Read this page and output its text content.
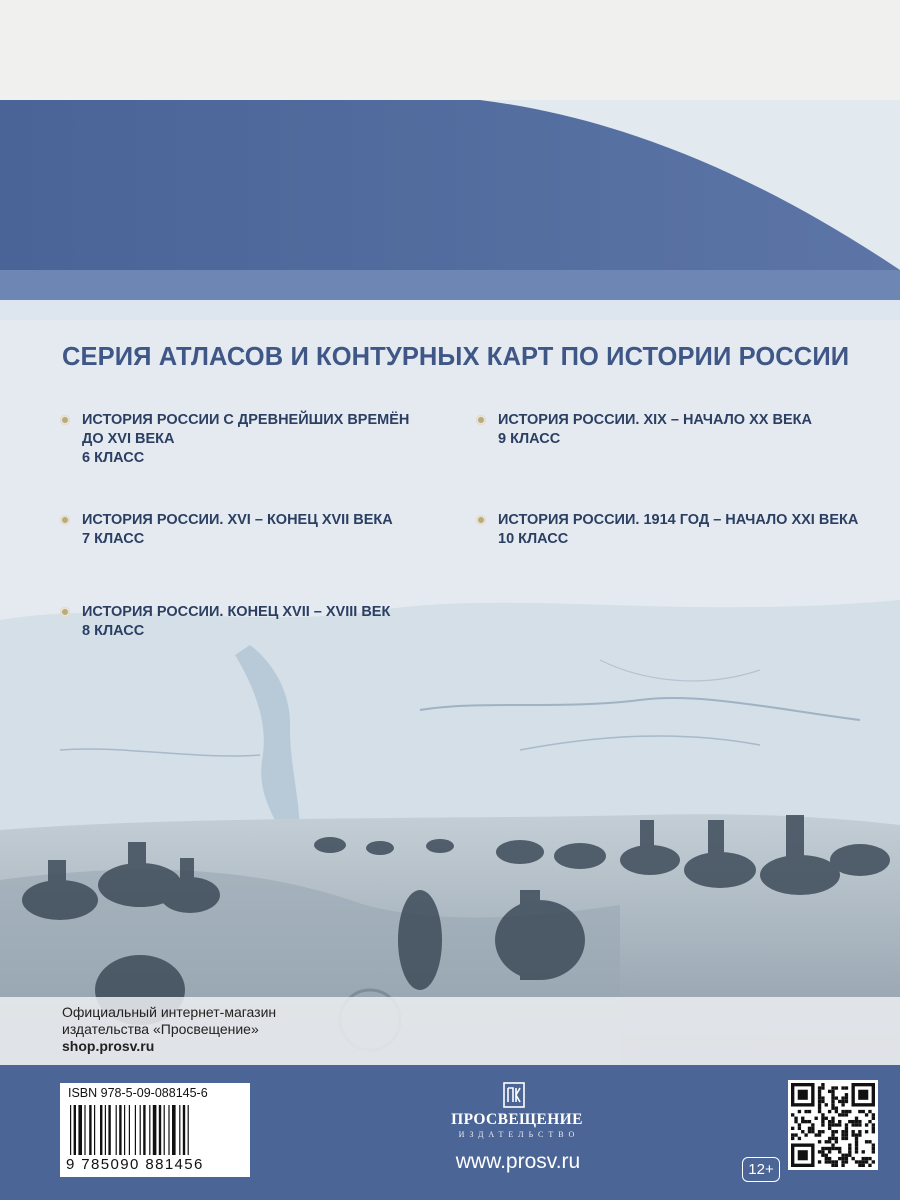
СЕРИЯ АТЛАСОВ И КОНТУРНЫХ КАРТ ПО ИСТОРИИ РОССИИ
ИСТОРИЯ РОССИИ С ДРЕВНЕЙШИХ ВРЕМЁН
ДО XVI ВЕКА
6 КЛАСС
ИСТОРИЯ РОССИИ. XVI – КОНЕЦ XVII ВЕКА
7 КЛАСС
ИСТОРИЯ РОССИИ. КОНЕЦ XVII – XVIII ВЕК
8 КЛАСС
ИСТОРИЯ РОССИИ. XIX – НАЧАЛО XX ВЕКА
9 КЛАСС
ИСТОРИЯ РОССИИ. 1914 ГОД – НАЧАЛО XXI ВЕКА
10 КЛАСС
Официальный интернет-магазин
издательства «Просвещение»
shop.prosv.ru
ISBN 978-5-09-088145-6
9 785090 881456
ПРОСВЕЩЕНИЕ
ИЗДАТЕЛЬСТВО
www.prosv.ru	12+
